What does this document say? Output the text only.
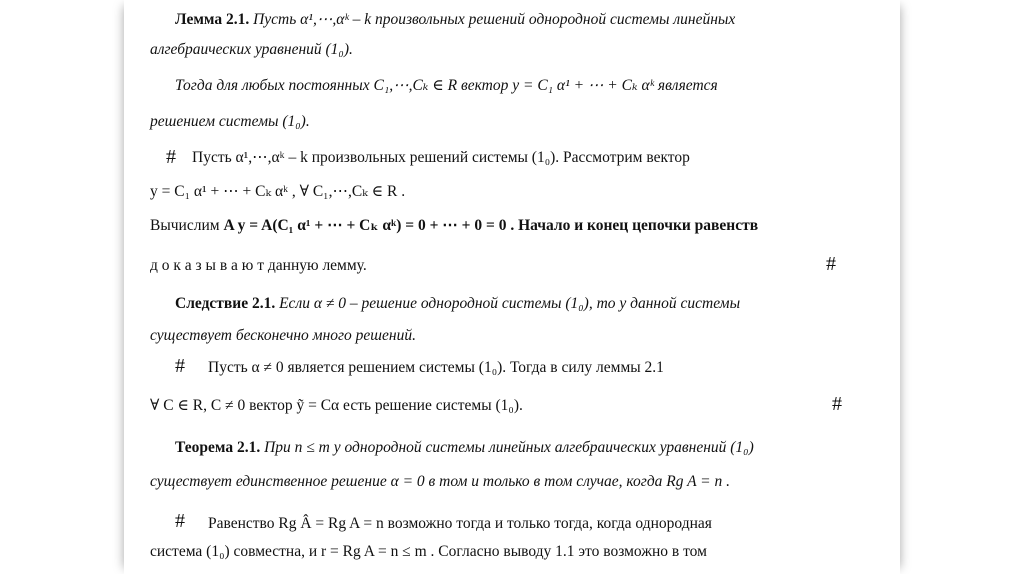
Лемма 2.1. Пусть α¹,⋯,αᵏ – k произвольных решений однородной системы линейных
алгебраических уравнений (1₀).
Тогда для любых постоянных C₁,⋯,Cₖ ∈ R вектор y = C₁ α¹ + ⋯ + Cₖ αᵏ является
решением системы (1₀).
# Пусть α¹,⋯,αᵏ – k произвольных решений системы (1₀). Рассмотрим вектор
y = C₁ α¹ + ⋯ + Cₖ αᵏ , ∀ C₁,⋯,Cₖ ∈ R .
Вычислим A y = A(C₁ α¹ + ⋯ + Cₖ αᵏ) = 0 + ⋯ + 0 = 0 . Начало и конец цепочки равенств
д о к а з ы в а ю т данную лемму.	#
Следствие 2.1. Если α ≠ 0 – решение однородной системы (1₀), то у данной системы
существует бесконечно много решений.
# Пусть α ≠ 0 является решением системы (1₀). Тогда в силу леммы 2.1
∀ C ∈ R, C ≠ 0 вектор ỹ = Cα есть решение системы (1₀).	#
Теорема 2.1. При n ≤ m у однородной системы линейных алгебраических уравнений (1₀)
существует единственное решение α = 0 в том и только в том случае, когда Rg A = n .
# Равенство Rg Â = Rg A = n возможно тогда и только тогда, когда однородная
система (1₀) совместна, и r = Rg A = n ≤ m . Согласно выводу 1.1 это возможно в том
